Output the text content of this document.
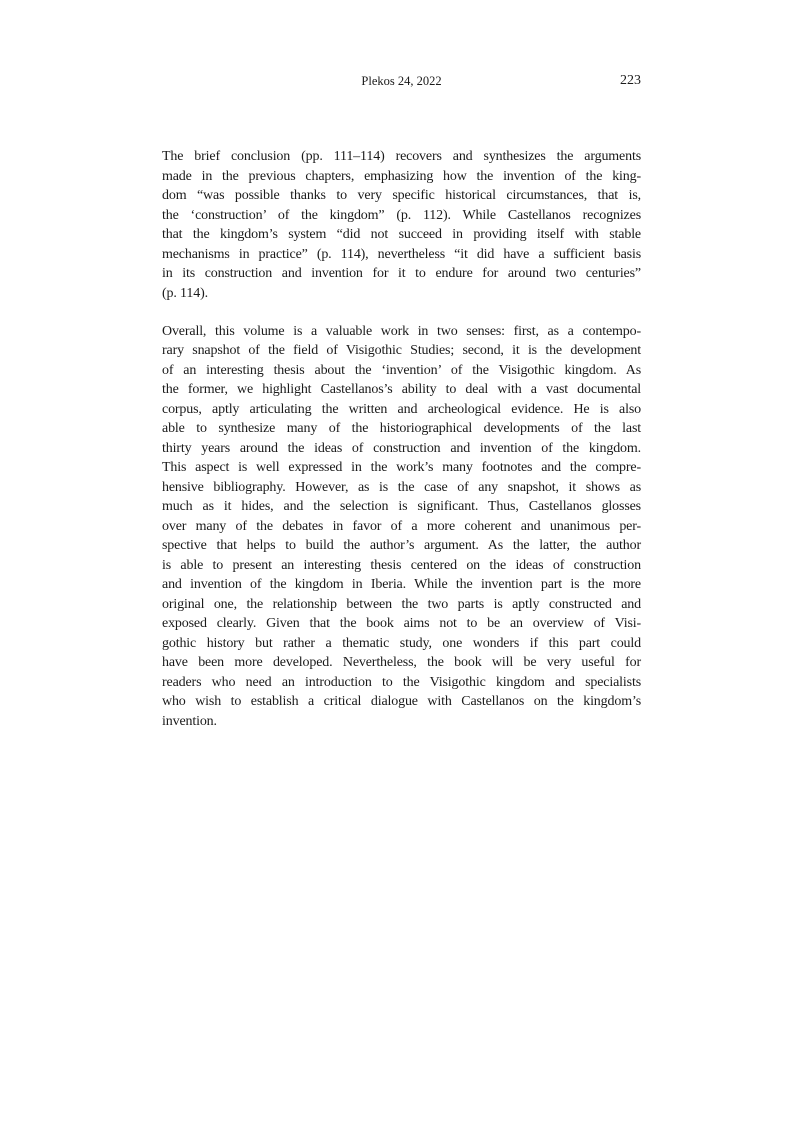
Plekos 24, 2022	223
The brief conclusion (pp. 111–114) recovers and synthesizes the arguments
made in the previous chapters, emphasizing how the invention of the king-
dom “was possible thanks to very specific historical circumstances, that is,
the ‘construction’ of the kingdom” (p. 112). While Castellanos recognizes
that the kingdom’s system “did not succeed in providing itself with stable
mechanisms in practice” (p. 114), nevertheless “it did have a sufficient basis
in its construction and invention for it to endure for around two centuries”
(p. 114).
Overall, this volume is a valuable work in two senses: first, as a contempo-
rary snapshot of the field of Visigothic Studies; second, it is the development
of an interesting thesis about the ‘invention’ of the Visigothic kingdom. As
the former, we highlight Castellanos’s ability to deal with a vast documental
corpus, aptly articulating the written and archeological evidence. He is also
able to synthesize many of the historiographical developments of the last
thirty years around the ideas of construction and invention of the kingdom.
This aspect is well expressed in the work’s many footnotes and the compre-
hensive bibliography. However, as is the case of any snapshot, it shows as
much as it hides, and the selection is significant. Thus, Castellanos glosses
over many of the debates in favor of a more coherent and unanimous per-
spective that helps to build the author’s argument. As the latter, the author
is able to present an interesting thesis centered on the ideas of construction
and invention of the kingdom in Iberia. While the invention part is the more
original one, the relationship between the two parts is aptly constructed and
exposed clearly. Given that the book aims not to be an overview of Visi-
gothic history but rather a thematic study, one wonders if this part could
have been more developed. Nevertheless, the book will be very useful for
readers who need an introduction to the Visigothic kingdom and specialists
who wish to establish a critical dialogue with Castellanos on the kingdom’s
invention.
